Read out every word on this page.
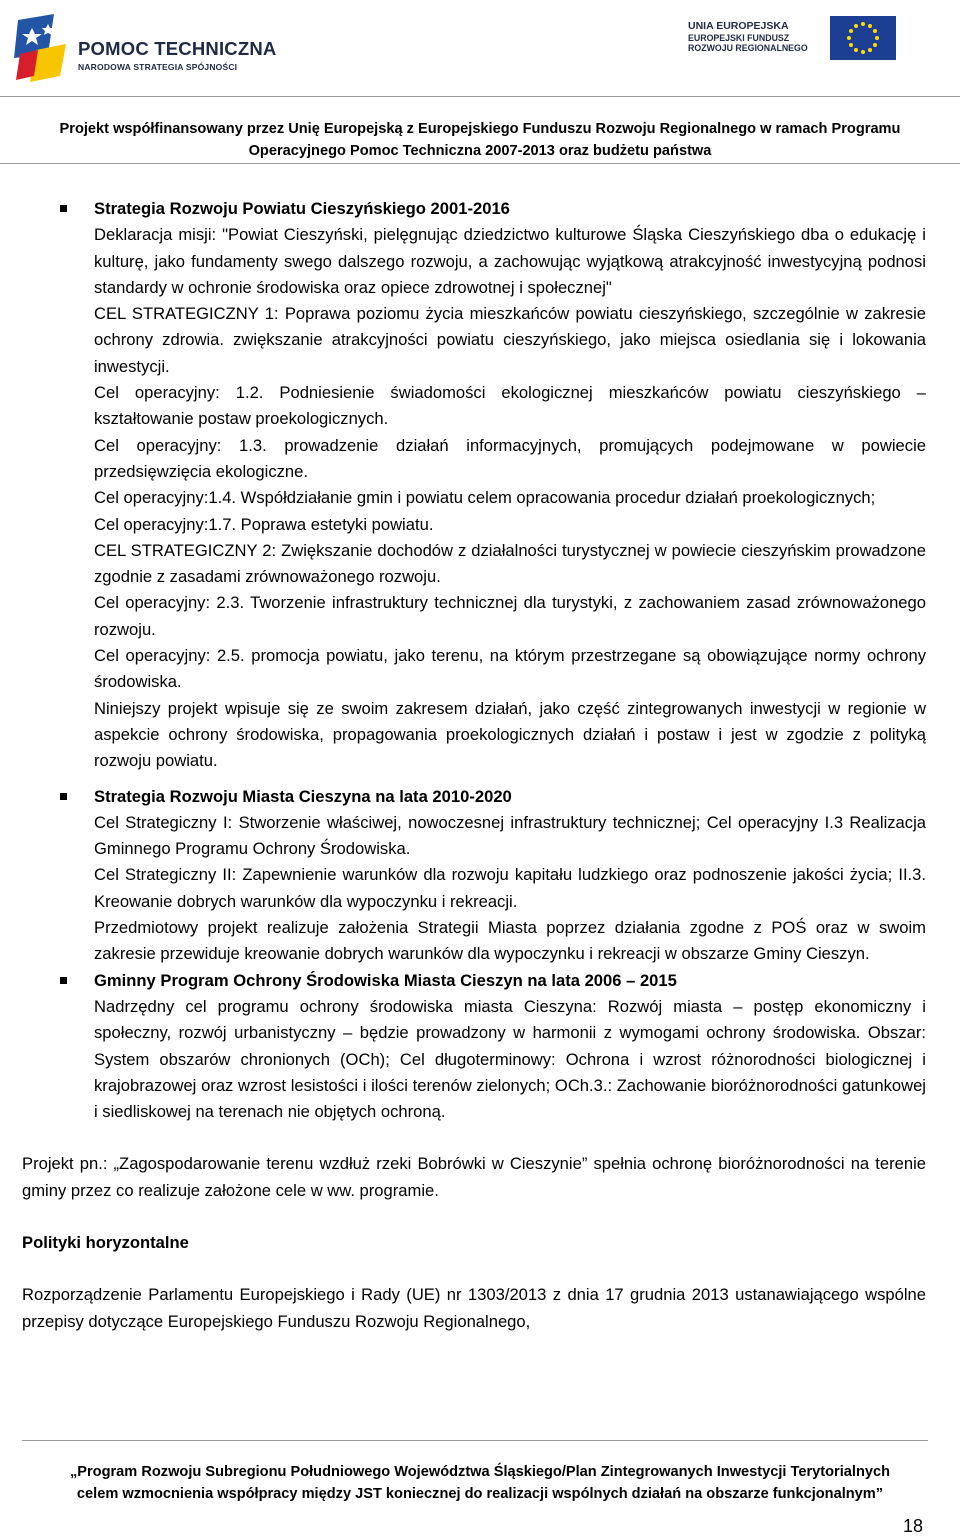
POMOC TECHNICZNA
NARODOWA STRATEGIA SPÓJNOŚCI
UNIA EUROPEJSKA
EUROPEJSKI FUNDUSZ
ROZWOJU REGIONALNEGO
Projekt współfinansowany przez Unię Europejską z Europejskiego Funduszu Rozwoju Regionalnego w ramach Programu
Operacyjnego Pomoc Techniczna 2007-2013 oraz budżetu państwa

Strategia Rozwoju Powiatu Cieszyńskiego 2001-2016

Deklaracja misji: "Powiat Cieszyński, pielęgnując dziedzictwo kulturowe Śląska Cieszyńskiego dba o edukację i kulturę, jako fundamenty swego dalszego rozwoju, a zachowując wyjątkową atrakcyjność inwestycyjną podnosi standardy w ochronie środowiska oraz opiece zdrowotnej i społecznej"

CEL STRATEGICZNY 1: Poprawa poziomu życia mieszkańców powiatu cieszyńskiego, szczególnie w zakresie ochrony zdrowia. zwiększanie atrakcyjności powiatu cieszyńskiego, jako miejsca osiedlania się i lokowania inwestycji.

Cel operacyjny: 1.2. Podniesienie świadomości ekologicznej mieszkańców powiatu cieszyńskiego – kształtowanie postaw proekologicznych.

Cel operacyjny: 1.3. prowadzenie działań informacyjnych, promujących podejmowane w powiecie przedsięwzięcia ekologiczne.

Cel operacyjny:1.4. Współdziałanie gmin i powiatu celem opracowania procedur działań proekologicznych;

Cel operacyjny:1.7. Poprawa estetyki powiatu.

CEL STRATEGICZNY 2: Zwiększanie dochodów z działalności turystycznej w powiecie cieszyńskim prowadzone zgodnie z zasadami zrównoważonego rozwoju.

Cel operacyjny: 2.3. Tworzenie infrastruktury technicznej dla turystyki, z zachowaniem zasad zrównoważonego rozwoju.

Cel operacyjny: 2.5. promocja powiatu, jako terenu, na którym przestrzegane są obowiązujące normy ochrony środowiska.

Niniejszy projekt wpisuje się ze swoim zakresem działań, jako część zintegrowanych inwestycji w regionie w aspekcie ochrony środowiska, propagowania proekologicznych działań i postaw i jest w zgodzie z polityką rozwoju powiatu.

Strategia Rozwoju Miasta Cieszyna na lata 2010-2020

Cel Strategiczny I: Stworzenie właściwej, nowoczesnej infrastruktury technicznej; Cel operacyjny I.3 Realizacja Gminnego Programu Ochrony Środowiska.

Cel Strategiczny II: Zapewnienie warunków dla rozwoju kapitału ludzkiego oraz podnoszenie jakości życia; II.3. Kreowanie dobrych warunków dla wypoczynku i rekreacji.

Przedmiotowy projekt realizuje założenia Strategii Miasta poprzez działania zgodne z POŚ oraz w swoim zakresie przewiduje kreowanie dobrych warunków dla wypoczynku i rekreacji w obszarze Gminy Cieszyn.

Gminny Program Ochrony Środowiska Miasta Cieszyn na lata 2006 – 2015

Nadrzędny cel programu ochrony środowiska miasta Cieszyna: Rozwój miasta – postęp ekonomiczny i społeczny, rozwój urbanistyczny – będzie prowadzony w harmonii z wymogami ochrony środowiska. Obszar: System obszarów chronionych (OCh); Cel długoterminowy: Ochrona i wzrost różnorodności biologicznej i krajobrazowej oraz wzrost lesistości i ilości terenów zielonych; OCh.3.: Zachowanie bioróżnorodności gatunkowej i siedliskowej na terenach nie objętych ochroną.

Projekt pn.: „Zagospodarowanie terenu wzdłuż rzeki Bobrówki w Cieszynie” spełnia ochronę bioróżnorodności na terenie gminy przez co realizuje założone cele w ww. programie.

Polityki horyzontalne

Rozporządzenie Parlamentu Europejskiego i Rady (UE) nr 1303/2013 z dnia 17 grudnia 2013 ustanawiającego wspólne przepisy dotyczące Europejskiego Funduszu Rozwoju Regionalnego,

„Program Rozwoju Subregionu Południowego Województwa Śląskiego/Plan Zintegrowanych Inwestycji Terytorialnych
celem wzmocnienia współpracy między JST koniecznej do realizacji wspólnych działań na obszarze funkcjonalnym”
18
